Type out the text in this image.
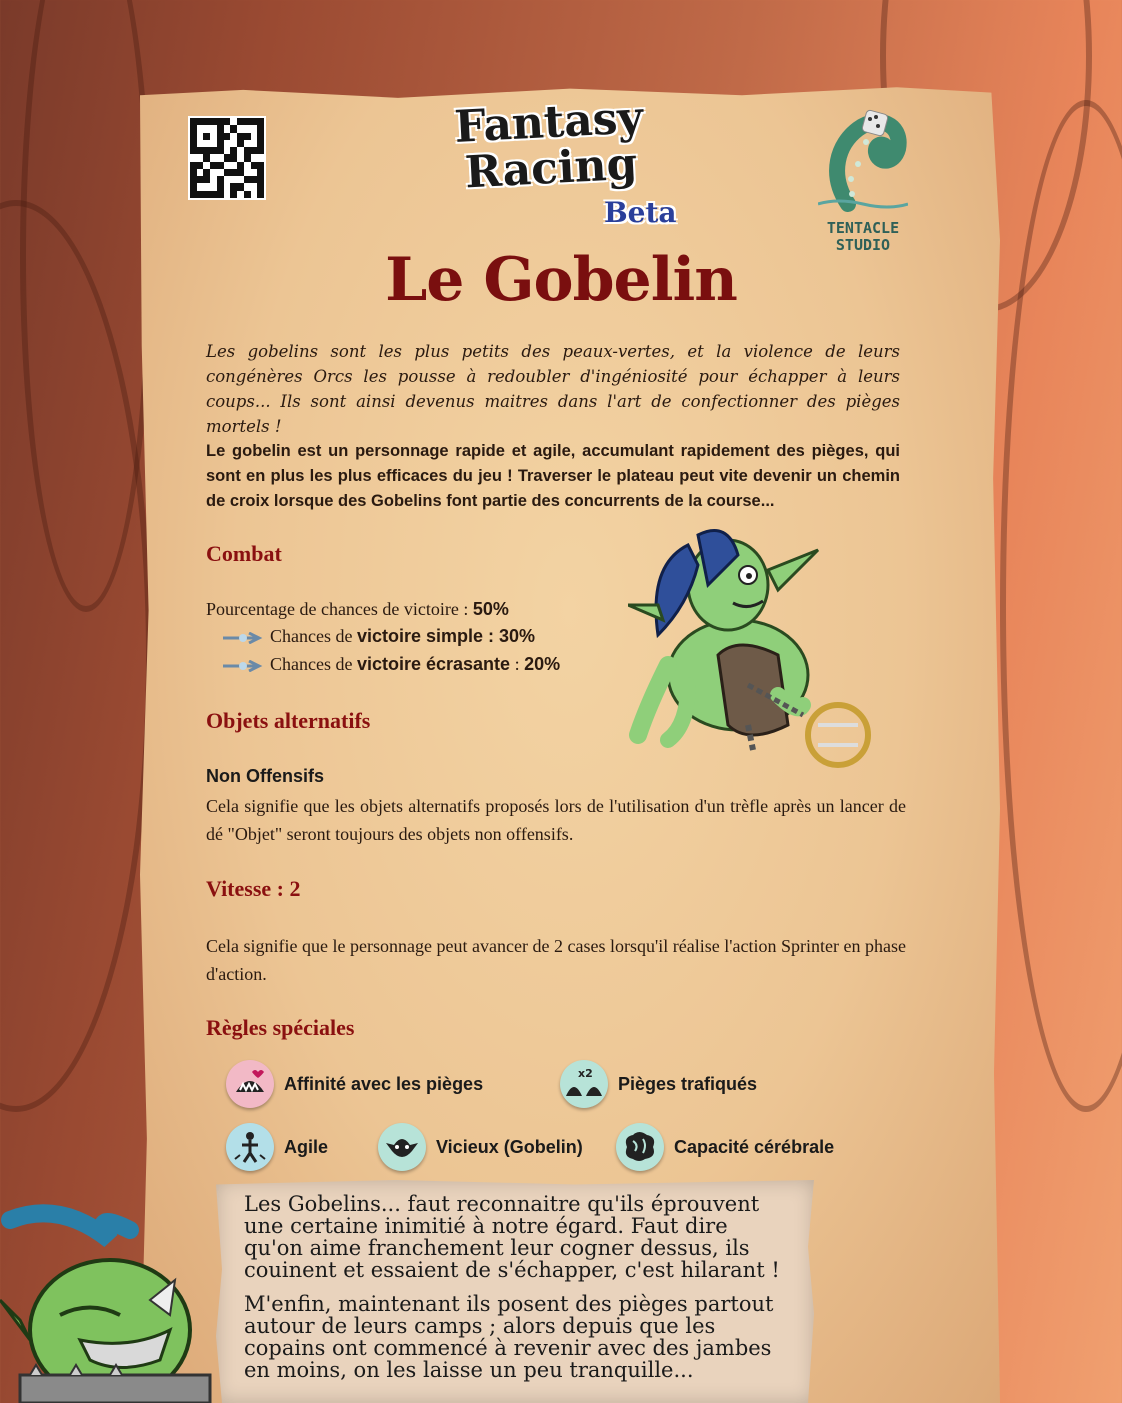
Fantasy
Racing
Beta	TENTACLE
STUDIO
Le Gobelin
Les gobelins sont les plus petits des peaux-vertes, et la violence de leurs congénères Orcs les pousse à redoubler d'ingéniosité pour échapper à leurs coups... Ils sont ainsi devenus maitres dans l'art de confectionner des pièges mortels !
Le gobelin est un personnage rapide et agile, accumulant rapidement des pièges, qui sont en plus les plus efficaces du jeu ! Traverser le plateau peut vite devenir un chemin de croix lorsque des Gobelins font partie des concurrents de la course...
Combat
Pourcentage de chances de victoire : 50%
Chances de victoire simple : 30%
Chances de victoire écrasante : 20%
Objets alternatifs
Non Offensifs
Cela signifie que les objets alternatifs proposés lors de l'utilisation d'un trèfle après un lancer de dé "Objet" seront toujours des objets non offensifs.
Vitesse : 2
Cela signifie que le personnage peut avancer de 2 cases lorsqu'il réalise l'action Sprinter en phase d'action.
Règles spéciales
Affinité avec les pièges	x2 Pièges trafiqués
Agile	Vicieux (Gobelin)	Capacité cérébrale

Les Gobelins... faut reconnaitre qu'ils éprouvent une certaine inimitié à notre égard. Faut dire qu'on aime franchement leur cogner dessus, ils couinent et essaient de s'échapper, c'est hilarant !

M'enfin, maintenant ils posent des pièges partout autour de leurs camps ; alors depuis que les copains ont commencé à revenir avec des jambes en moins, on les laisse un peu tranquille...
